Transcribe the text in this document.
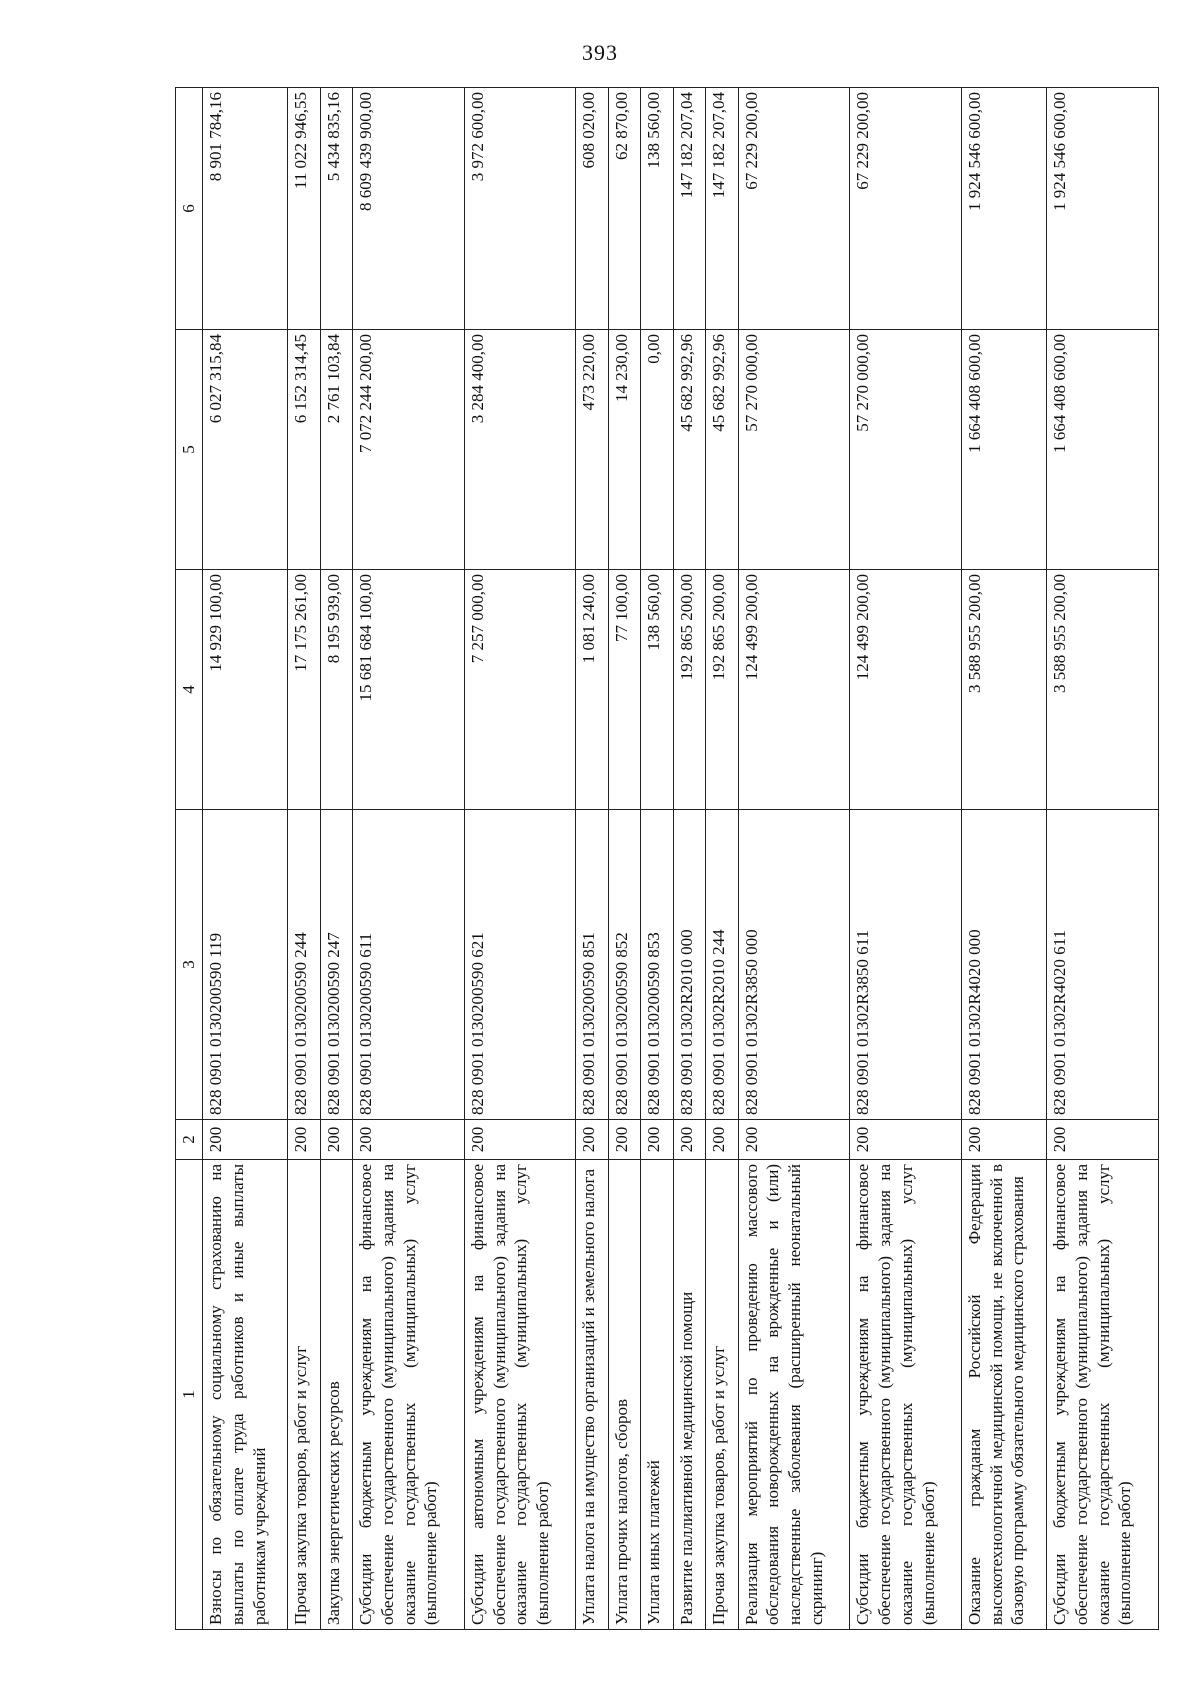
393
1	2	3	4	5	6
Взносы по обязательному социальному страхованию на выплаты по оплате труда работников и иные выплаты работникам учреждений	200	828 0901 0130200590 119	14 929 100,00	6 027 315,84	8 901 784,16
Прочая закупка товаров, работ и услуг	200	828 0901 0130200590 244	17 175 261,00	6 152 314,45	11 022 946,55
Закупка энергетических ресурсов	200	828 0901 0130200590 247	8 195 939,00	2 761 103,84	5 434 835,16
Субсидии бюджетным учреждениям на финансовое обеспечение государственного (муниципального) задания на оказание государственных (муниципальных) услуг (выполнение работ)	200	828 0901 0130200590 611	15 681 684 100,00	7 072 244 200,00	8 609 439 900,00
Субсидии автономным учреждениям на финансовое обеспечение государственного (муниципального) задания на оказание государственных (муниципальных) услуг (выполнение работ)	200	828 0901 0130200590 621	7 257 000,00	3 284 400,00	3 972 600,00
Уплата налога на имущество организаций и земельного налога	200	828 0901 0130200590 851	1 081 240,00	473 220,00	608 020,00
Уплата прочих налогов, сборов	200	828 0901 0130200590 852	77 100,00	14 230,00	62 870,00
Уплата иных платежей	200	828 0901 0130200590 853	138 560,00	0,00	138 560,00
Развитие паллиативной медицинской помощи	200	828 0901 01302R2010 000	192 865 200,00	45 682 992,96	147 182 207,04
Прочая закупка товаров, работ и услуг	200	828 0901 01302R2010 244	192 865 200,00	45 682 992,96	147 182 207,04
Реализация мероприятий по проведению массового обследования новорожденных на врожденные и (или) наследственные заболевания (расширенный неонатальный скрининг)	200	828 0901 01302R3850 000	124 499 200,00	57 270 000,00	67 229 200,00
Субсидии бюджетным учреждениям на финансовое обеспечение государственного (муниципального) задания на оказание государственных (муниципальных) услуг (выполнение работ)	200	828 0901 01302R3850 611	124 499 200,00	57 270 000,00	67 229 200,00
Оказание гражданам Российской Федерации высокотехнологичной медицинской помощи, не включенной в базовую программу обязательного медицинского страхования	200	828 0901 01302R4020 000	3 588 955 200,00	1 664 408 600,00	1 924 546 600,00
Субсидии бюджетным учреждениям на финансовое обеспечение государственного (муниципального) задания на оказание государственных (муниципальных) услуг (выполнение работ)	200	828 0901 01302R4020 611	3 588 955 200,00	1 664 408 600,00	1 924 546 600,00
